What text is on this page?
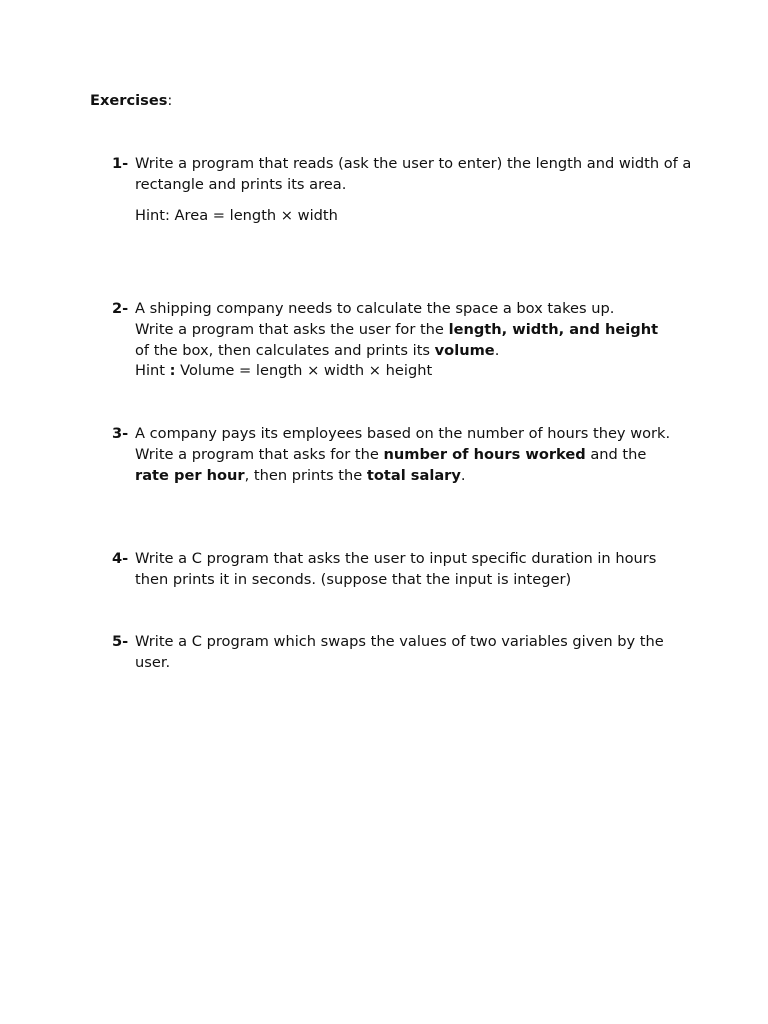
Exercises:
1- Write a program that reads (ask the user to enter) the length and width of a rectangle and prints its area.

Hint: Area = length × width

2- A shipping company needs to calculate the space a box takes up.

Write a program that asks the user for the length, width, and height

of the box, then calculates and prints its volume.

Hint : Volume = length × width × height

3- A company pays its employees based on the number of hours they work.

Write a program that asks for the number of hours worked and the
rate per hour, then prints the total salary.

4- Write a C program that asks the user to input specific duration in hours then prints it in seconds. (suppose that the input is integer)

5- Write a C program which swaps the values of two variables given by the user.
